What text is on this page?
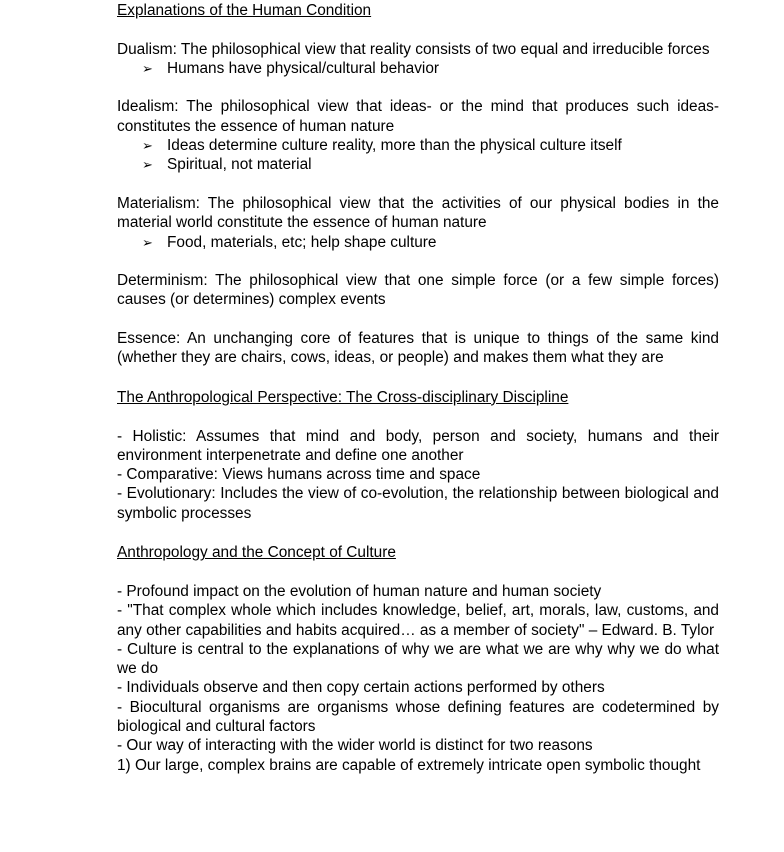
Explanations of the Human Condition

Dualism: The philosophical view that reality consists of two equal and irreducible forces

➢ Humans have physical/cultural behavior

Idealism: The philosophical view that ideas- or the mind that produces such ideas- constitutes the essence of human nature

➢ Ideas determine culture reality, more than the physical culture itself
➢ Spiritual, not material

Materialism: The philosophical view that the activities of our physical bodies in the material world constitute the essence of human nature

➢ Food, materials, etc; help shape culture

Determinism: The philosophical view that one simple force (or a few simple forces) causes (or determines) complex events

Essence: An unchanging core of features that is unique to things of the same kind (whether they are chairs, cows, ideas, or people) and makes them what they are

The Anthropological Perspective: The Cross-disciplinary Discipline

- Holistic: Assumes that mind and body, person and society, humans and their environment interpenetrate and define one another

- Comparative: Views humans across time and space

- Evolutionary: Includes the view of co-evolution, the relationship between biological and symbolic processes

Anthropology and the Concept of Culture

- Profound impact on the evolution of human nature and human society

- "That complex whole which includes knowledge, belief, art, morals, law, customs, and any other capabilities and habits acquired… as a member of society" – Edward. B. Tylor

- Culture is central to the explanations of why we are what we are why why we do what we do

- Individuals observe and then copy certain actions performed by others

- Biocultural organisms are organisms whose defining features are codetermined by biological and cultural factors

- Our way of interacting with the wider world is distinct for two reasons

1) Our large, complex brains are capable of extremely intricate open symbolic thought
